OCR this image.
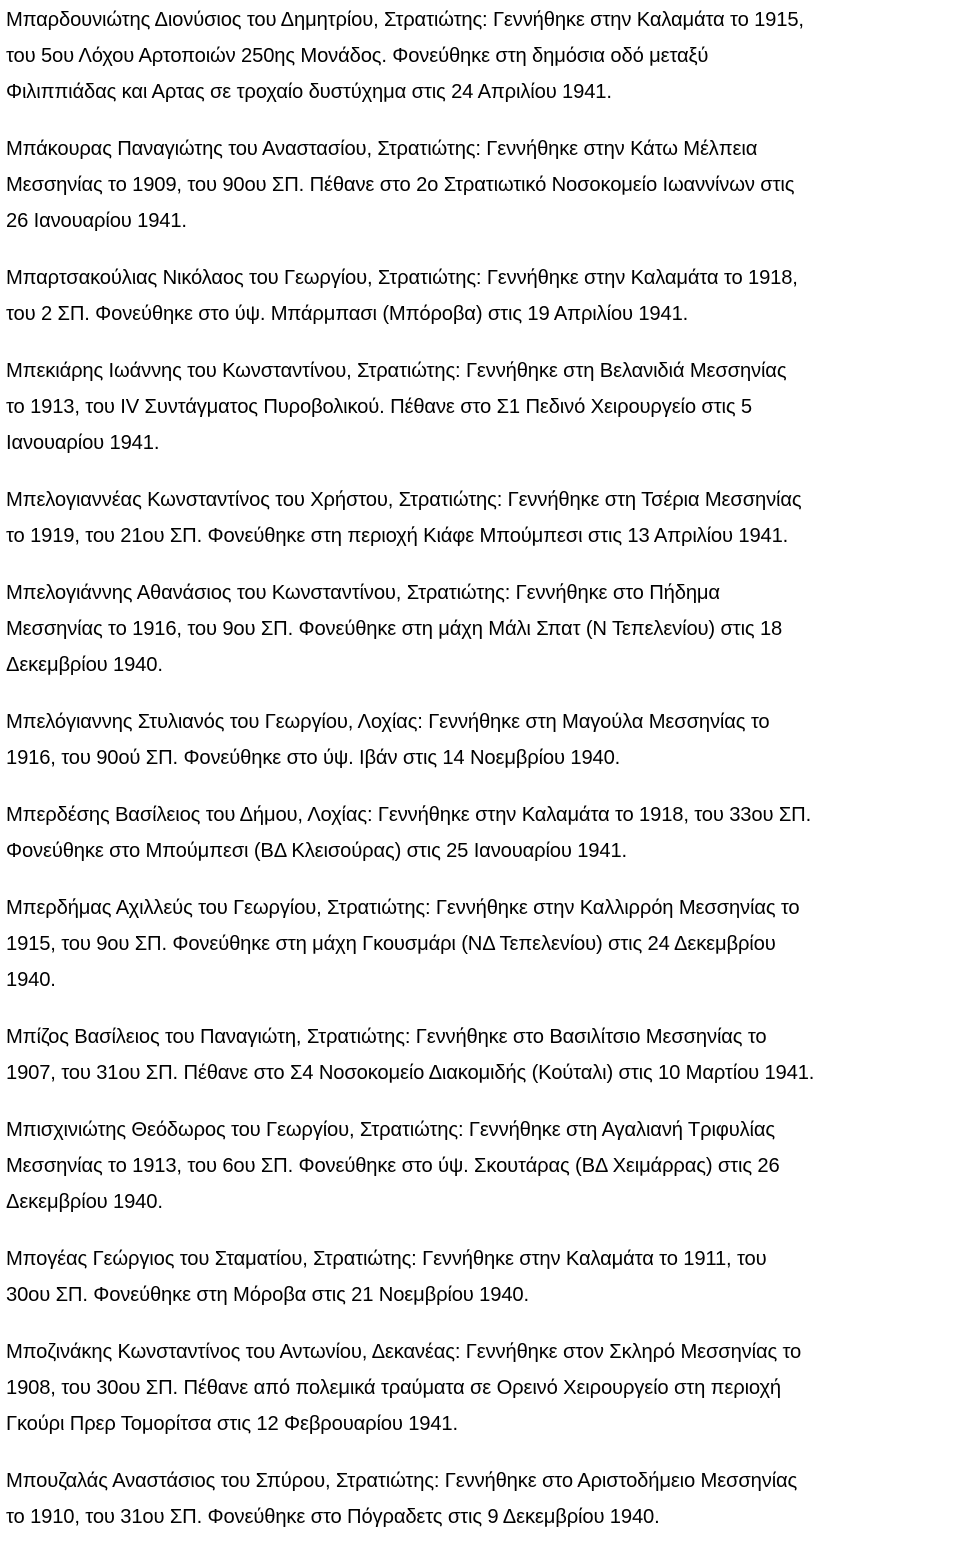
Μπαρδουνιώτης Διονύσιος του Δημητρίου, Στρατιώτης: Γεννήθηκε στην Καλαμάτα το 1915,
του 5ου Λόχου Αρτοποιών 250ης Μονάδος. Φονεύθηκε στη δημόσια οδό μεταξύ
Φιλιππιάδας και Αρτας σε τροχαίο δυστύχημα στις 24 Απριλίου 1941.

Μπάκουρας Παναγιώτης του Αναστασίου, Στρατιώτης: Γεννήθηκε στην Κάτω Μέλπεια
Μεσσηνίας το 1909, του 90ου ΣΠ. Πέθανε στο 2ο Στρατιωτικό Νοσοκομείο Ιωαννίνων στις
26 Ιανουαρίου 1941.

Μπαρτσακούλιας Νικόλαος του Γεωργίου, Στρατιώτης: Γεννήθηκε στην Καλαμάτα το 1918,
του 2 ΣΠ. Φονεύθηκε στο ύψ. Μπάρμπασι (Μπόροβα) στις 19 Απριλίου 1941.

Μπεκιάρης Ιωάννης του Κωνσταντίνου, Στρατιώτης: Γεννήθηκε στη Βελανιδιά Μεσσηνίας
το 1913, του IV Συντάγματος Πυροβολικού. Πέθανε στο Σ1 Πεδινό Χειρουργείο στις 5
Ιανουαρίου 1941.

Μπελογιαννέας Κωνσταντίνος του Χρήστου, Στρατιώτης: Γεννήθηκε στη Τσέρια Μεσσηνίας
το 1919, του 21ου ΣΠ. Φονεύθηκε στη περιοχή Κιάφε Μπούμπεσι στις 13 Απριλίου 1941.

Μπελογιάννης Αθανάσιος του Κωνσταντίνου, Στρατιώτης: Γεννήθηκε στο Πήδημα
Μεσσηνίας το 1916, του 9ου ΣΠ. Φονεύθηκε στη μάχη Μάλι Σπατ (Ν Τεπελενίου) στις 18
Δεκεμβρίου 1940.

Μπελόγιαννης Στυλιανός του Γεωργίου, Λοχίας: Γεννήθηκε στη Μαγούλα Μεσσηνίας το
1916, του 90ού ΣΠ. Φονεύθηκε στο ύψ. Ιβάν στις 14 Νοεμβρίου 1940.

Μπερδέσης Βασίλειος του Δήμου, Λοχίας: Γεννήθηκε στην Καλαμάτα το 1918, του 33ου ΣΠ.
Φονεύθηκε στο Μπούμπεσι (ΒΔ Κλεισούρας) στις 25 Ιανουαρίου 1941.

Μπερδήμας Αχιλλεύς του Γεωργίου, Στρατιώτης: Γεννήθηκε στην Καλλιρρόη Μεσσηνίας το
1915, του 9ου ΣΠ. Φονεύθηκε στη μάχη Γκουσμάρι (ΝΔ Τεπελενίου) στις 24 Δεκεμβρίου
1940.

Μπίζος Βασίλειος του Παναγιώτη, Στρατιώτης: Γεννήθηκε στο Βασιλίτσιο Μεσσηνίας το
1907, του 31ου ΣΠ. Πέθανε στο Σ4 Νοσοκομείο Διακομιδής (Κούταλι) στις 10 Μαρτίου 1941.

Μπισχινιώτης Θεόδωρος του Γεωργίου, Στρατιώτης: Γεννήθηκε στη Αγαλιανή Τριφυλίας
Μεσσηνίας το 1913, του 6ου ΣΠ. Φονεύθηκε στο ύψ. Σκουτάρας (ΒΔ Χειμάρρας) στις 26
Δεκεμβρίου 1940.

Μπογέας Γεώργιος του Σταματίου, Στρατιώτης: Γεννήθηκε στην Καλαμάτα το 1911, του
30ου ΣΠ. Φονεύθηκε στη Μόροβα στις 21 Νοεμβρίου 1940.

Μποζινάκης Κωνσταντίνος του Αντωνίου, Δεκανέας: Γεννήθηκε στον Σκληρό Μεσσηνίας το
1908, του 30ου ΣΠ. Πέθανε από πολεμικά τραύματα σε Ορεινό Χειρουργείο στη περιοχή
Γκούρι Πρερ Τομορίτσα στις 12 Φεβρουαρίου 1941.

Μπουζαλάς Αναστάσιος του Σπύρου, Στρατιώτης: Γεννήθηκε στο Αριστοδήμειο Μεσσηνίας
το 1910, του 31ου ΣΠ. Φονεύθηκε στο Πόγραδετς στις 9 Δεκεμβρίου 1940.
